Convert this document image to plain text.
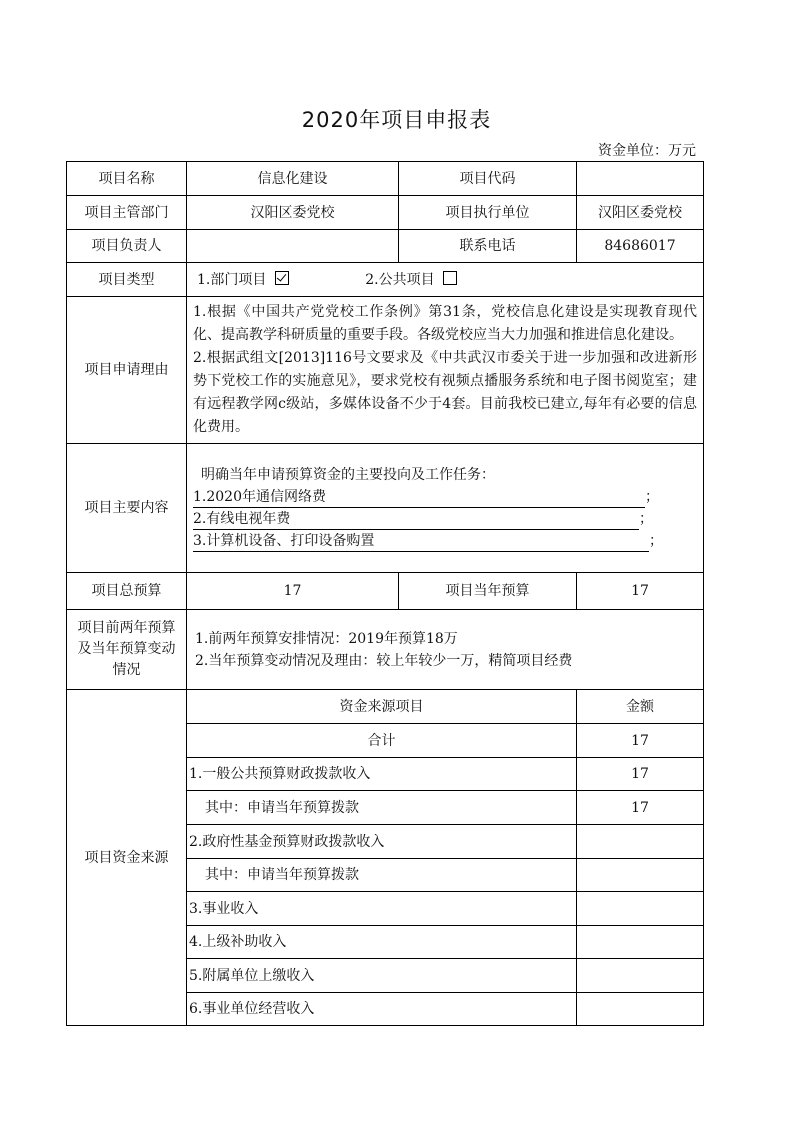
2020年项目申报表
资金单位：万元
项目名称	信息化建设	项目代码	
项目主管部门	汉阳区委党校	项目执行单位	汉阳区委党校
项目负责人		联系电话	84686017
项目类型	1.部门项目 2.公共项目		
项目申请理由	1.根据《中国共产党党校工作条例》第31条，党校信息化建设是实现教育现代化、提高教学科研质量的重要手段。各级党校应当大力加强和推进信息化建设。
2.根据武组文[2013]116号文要求及《中共武汉市委关于进一步加强和改进新形势下党校工作的实施意见》，要求党校有视频点播服务系统和电子图书阅览室；建有远程教学网c级站，多媒体设备不少于4套。目前我校已建立,每年有必要的信息化费用。		

项目主要内容	明确当年申请预算资金的主要投向及工作任务：
1.2020年通信网络费 ；
2.有线电视年费 ；
3.计算机设备、打印设备购置 ；		

项目总预算	17	项目当年预算	17
项目前两年预算及当年预算变动情况	1.前两年预算安排情况：2019年预算18万
2.当年预算变动情况及理由：较上年较少一万，精简项目经费		

项目资金来源	资金来源项目		金额
	合计		17
	1.一般公共预算财政拨款收入		17
	其中：申请当年预算拨款		17
	2.政府性基金预算财政拨款收入		
	其中：申请当年预算拨款		
	3.事业收入		
	4.上级补助收入		
	5.附属单位上缴收入		
	6.事业单位经营收入		
